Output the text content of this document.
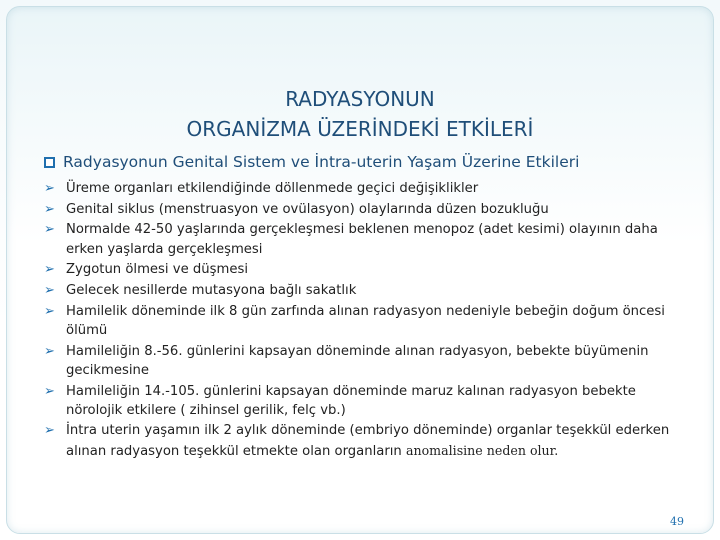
RADYASYONUN
ORGANİZMA ÜZERİNDEKİ ETKİLERİ
Radyasyonun Genital Sistem ve İntra-uterin Yaşam Üzerine Etkileri
➢ Üreme organları etkilendiğinde döllenmede geçici değişiklikler
➢ Genital siklus (menstruasyon ve ovülasyon) olaylarında düzen bozukluğu
➢ Normalde 42-50 yaşlarında gerçekleşmesi beklenen menopoz (adet kesimi) olayının daha erken yaşlarda gerçekleşmesi
➢ Zygotun ölmesi ve düşmesi
➢ Gelecek nesillerde mutasyona bağlı sakatlık
➢ Hamilelik döneminde ilk 8 gün zarfında alınan radyasyon nedeniyle bebeğin doğum öncesi ölümü
➢ Hamileliğin 8.-56. günlerini kapsayan döneminde alınan radyasyon, bebekte büyümenin gecikmesine
➢ Hamileliğin 14.-105. günlerini kapsayan döneminde maruz kalınan radyasyon bebekte nörolojik etkilere ( zihinsel gerilik, felç vb.)
➢ İntra uterin yaşamın ilk 2 aylık döneminde (embriyo döneminde) organlar teşekkül ederken alınan radyasyon teşekkül etmekte olan organların anomalisine neden olur.
49
